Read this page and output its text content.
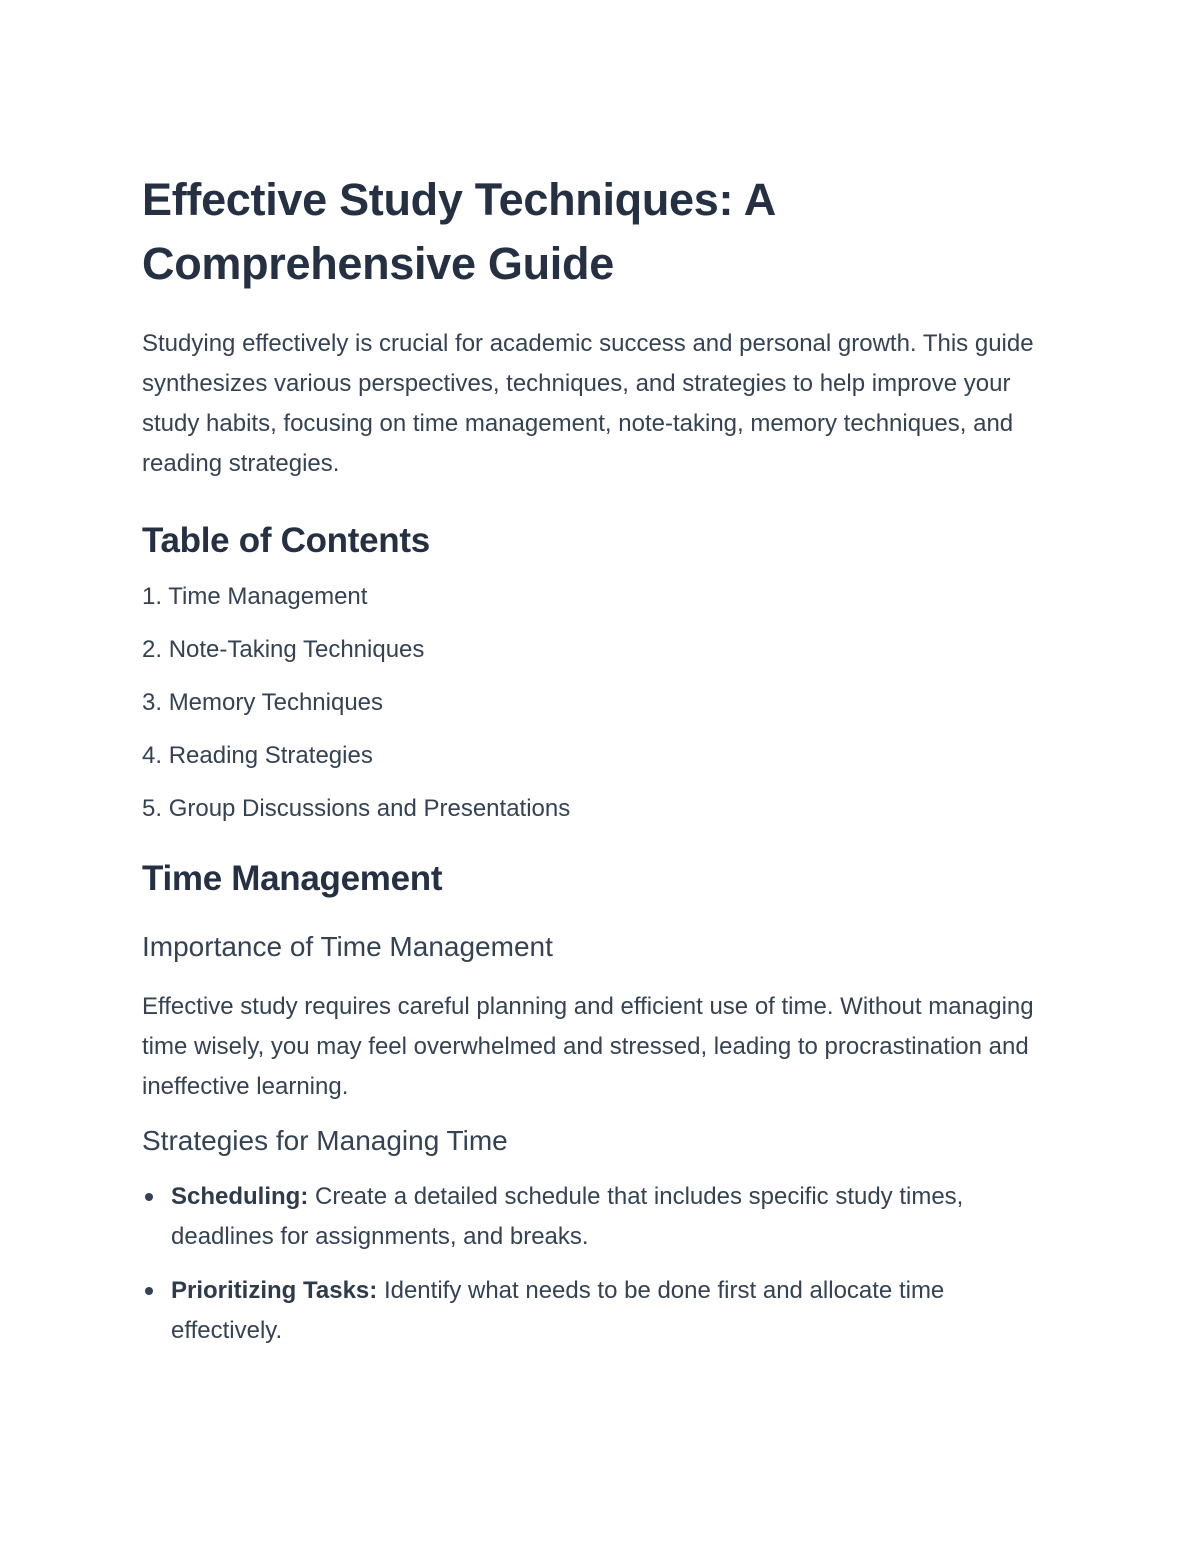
Effective Study Techniques: A Comprehensive Guide

Studying effectively is crucial for academic success and personal growth. This guide synthesizes various perspectives, techniques, and strategies to help improve your study habits, focusing on time management, note-taking, memory techniques, and reading strategies.

Table of Contents
1. Time Management
2. Note-Taking Techniques
3. Memory Techniques
4. Reading Strategies
5. Group Discussions and Presentations
Time Management
Importance of Time Management

Effective study requires careful planning and efficient use of time. Without managing time wisely, you may feel overwhelmed and stressed, leading to procrastination and ineffective learning.

Strategies for Managing Time
Scheduling: Create a detailed schedule that includes specific study times, deadlines for assignments, and breaks.
Prioritizing Tasks: Identify what needs to be done first and allocate time effectively.
